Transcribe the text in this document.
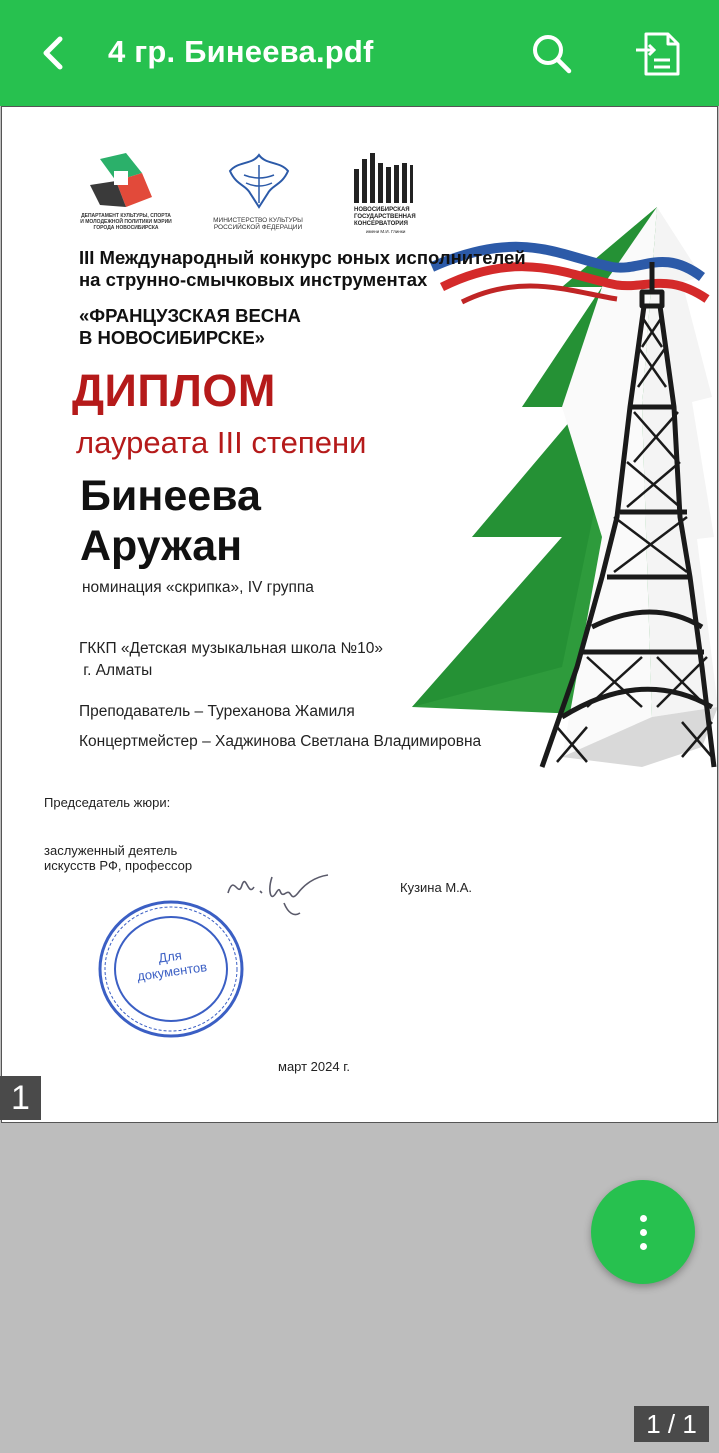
4 гр. Бинеева.pdf
ДЕПАРТАМЕНТ КУЛЬТУРЫ, СПОРТА И МОЛОДЕЖНОЙ ПОЛИТИКИ МЭРИИ ГОРОДА НОВОСИБИРСКА
МИНИСТЕРСТВО КУЛЬТУРЫ
РОССИЙСКОЙ ФЕДЕРАЦИИ
НОВОСИБИРСКАЯ
ГОСУДАРСТВЕННАЯ
КОНСЕРВАТОРИЯ
имени М.И. Глинки
III Международный конкурс юных исполнителей
на струнно-смычковых инструментах
«ФРАНЦУЗСКАЯ ВЕСНА
В НОВОСИБИРСКЕ»
ДИПЛОМ
лауреата III степени
Бинеева
Аружан
номинация «скрипка», IV группа
ГККП «Детская музыкальная школа №10»
г. Алматы
Преподаватель – Туреханова Жамиля
Концертмейстер – Хаджинова Светлана Владимировна
Председатель жюри:
заслуженный деятель искусств РФ, профессор
Кузина М.А.
Для документов
март 2024 г.
1
1 / 1
